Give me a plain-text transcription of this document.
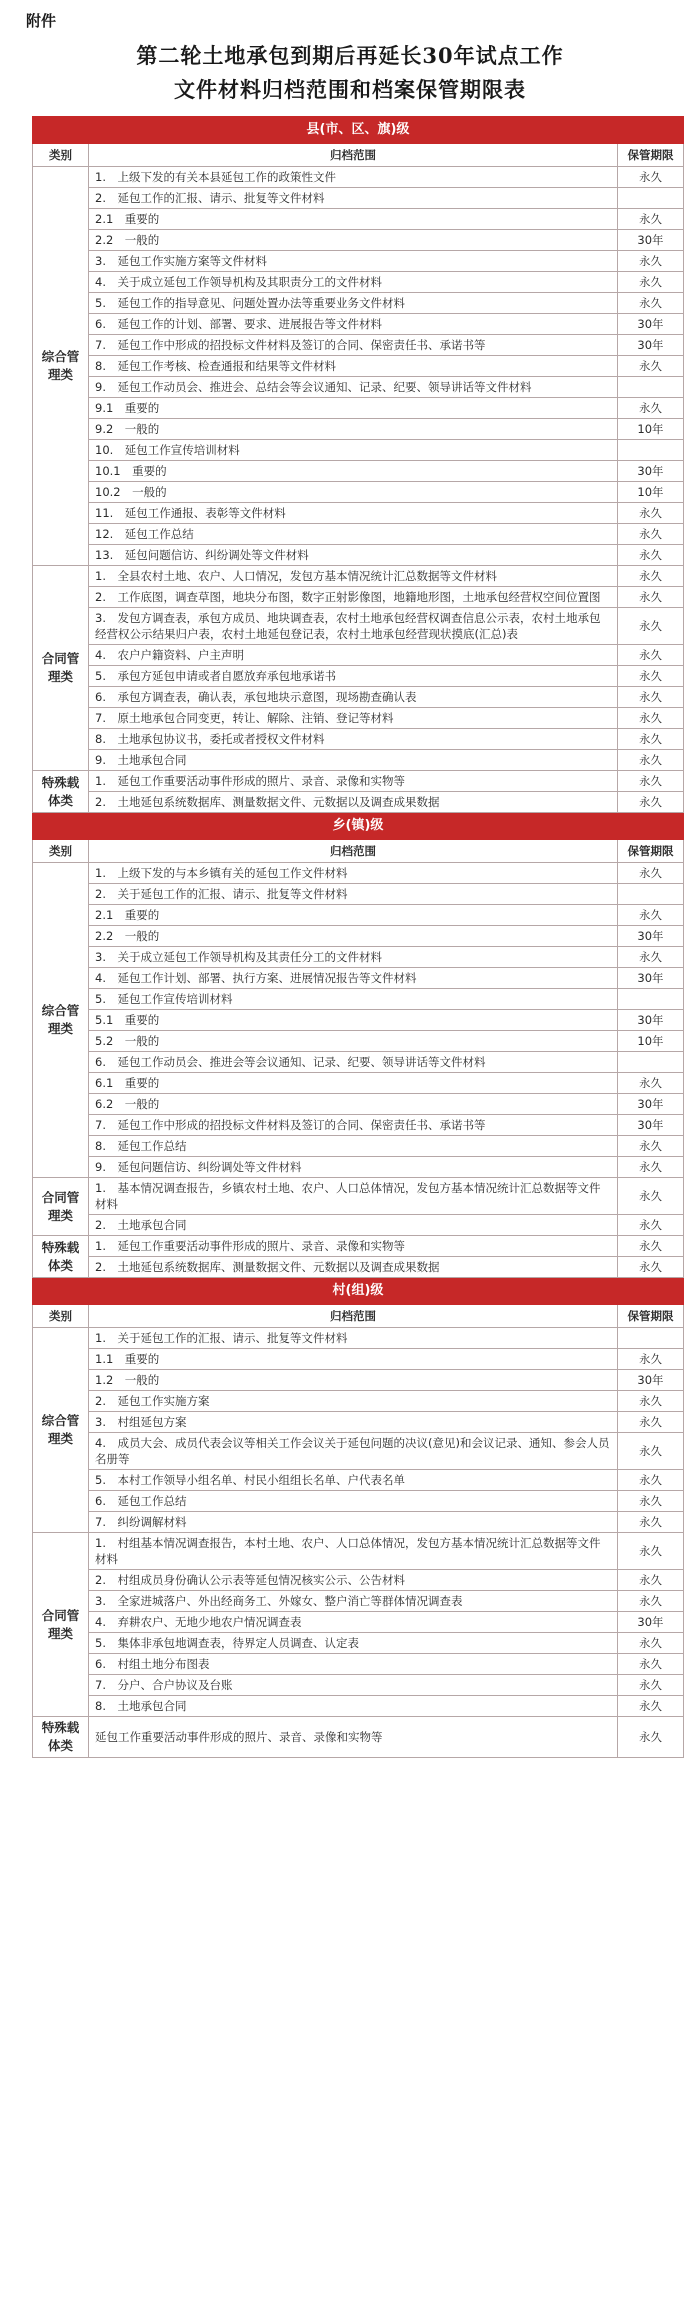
附件
第二轮土地承包到期后再延长30年试点工作
文件材料归档范围和档案保管期限表
县(市、区、旗)级		
类别	归档范围	保管期限
综合管理类	1.　上级下发的有关本县延包工作的政策性文件	永久
	2.　延包工作的汇报、请示、批复等文件材料	
	2.1　重要的	永久
	2.2　一般的	30年
	3.　延包工作实施方案等文件材料	永久
	4.　关于成立延包工作领导机构及其职责分工的文件材料	永久
	5.　延包工作的指导意见、问题处置办法等重要业务文件材料	永久
	6.　延包工作的计划、部署、要求、进展报告等文件材料	30年
	7.　延包工作中形成的招投标文件材料及签订的合同、保密责任书、承诺书等	30年
	8.　延包工作考核、检查通报和结果等文件材料	永久
	9.　延包工作动员会、推进会、总结会等会议通知、记录、纪要、领导讲话等文件材料	
	9.1　重要的	永久
	9.2　一般的	10年
	10.　延包工作宣传培训材料	
	10.1　重要的	30年
	10.2　一般的	10年
	11.　延包工作通报、表彰等文件材料	永久
	12.　延包工作总结	永久
	13.　延包问题信访、纠纷调处等文件材料	永久
合同管理类	1.　全县农村土地、农户、人口情况，发包方基本情况统计汇总数据等文件材料	永久
	2.　工作底图，调查草图，地块分布图，数字正射影像图，地籍地形图，土地承包经营权空间位置图	永久
	3.　发包方调查表，承包方成员、地块调查表，农村土地承包经营权调查信息公示表，农村土地承包经营权公示结果归户表，农村土地延包登记表，农村土地承包经营现状摸底(汇总)表	永久
	4.　农户户籍资料、户主声明	永久
	5.　承包方延包申请或者自愿放弃承包地承诺书	永久
	6.　承包方调查表，确认表，承包地块示意图，现场勘查确认表	永久
	7.　原土地承包合同变更，转让、解除、注销、登记等材料	永久
	8.　土地承包协议书，委托或者授权文件材料	永久
	9.　土地承包合同	永久
特殊载体类	1.　延包工作重要活动事件形成的照片、录音、录像和实物等	永久
	2.　土地延包系统数据库、测量数据文件、元数据以及调查成果数据	永久
乡(镇)级		
类别	归档范围	保管期限
综合管理类	1.　上级下发的与本乡镇有关的延包工作文件材料	永久
	2.　关于延包工作的汇报、请示、批复等文件材料	
	2.1　重要的	永久
	2.2　一般的	30年
	3.　关于成立延包工作领导机构及其责任分工的文件材料	永久
	4.　延包工作计划、部署、执行方案、进展情况报告等文件材料	30年
	5.　延包工作宣传培训材料	
	5.1　重要的	30年
	5.2　一般的	10年
	6.　延包工作动员会、推进会等会议通知、记录、纪要、领导讲话等文件材料	
	6.1　重要的	永久
	6.2　一般的	30年
	7.　延包工作中形成的招投标文件材料及签订的合同、保密责任书、承诺书等	30年
	8.　延包工作总结	永久
	9.　延包问题信访、纠纷调处等文件材料	永久
合同管理类	1.　基本情况调查报告，乡镇农村土地、农户、人口总体情况，发包方基本情况统计汇总数据等文件材料	永久
	2.　土地承包合同	永久
特殊载体类	1.　延包工作重要活动事件形成的照片、录音、录像和实物等	永久
	2.　土地延包系统数据库、测量数据文件、元数据以及调查成果数据	永久
村(组)级		
类别	归档范围	保管期限
综合管理类	1.　关于延包工作的汇报、请示、批复等文件材料	
	1.1　重要的	永久
	1.2　一般的	30年
	2.　延包工作实施方案	永久
	3.　村组延包方案	永久
	4.　成员大会、成员代表会议等相关工作会议关于延包问题的决议(意见)和会议记录、通知、参会人员名册等	永久
	5.　本村工作领导小组名单、村民小组组长名单、户代表名单	永久
	6.　延包工作总结	永久
	7.　纠纷调解材料	永久
合同管理类	1.　村组基本情况调查报告，本村土地、农户、人口总体情况，发包方基本情况统计汇总数据等文件材料	永久
	2.　村组成员身份确认公示表等延包情况核实公示、公告材料	永久
	3.　全家进城落户、外出经商务工、外嫁女、整户消亡等群体情况调查表	永久
	4.　弃耕农户、无地少地农户情况调查表	30年
	5.　集体非承包地调查表，待界定人员调查、认定表	永久
	6.　村组土地分布图表	永久
	7.　分户、合户协议及台账	永久
	8.　土地承包合同	永久
特殊载体类	延包工作重要活动事件形成的照片、录音、录像和实物等	永久
